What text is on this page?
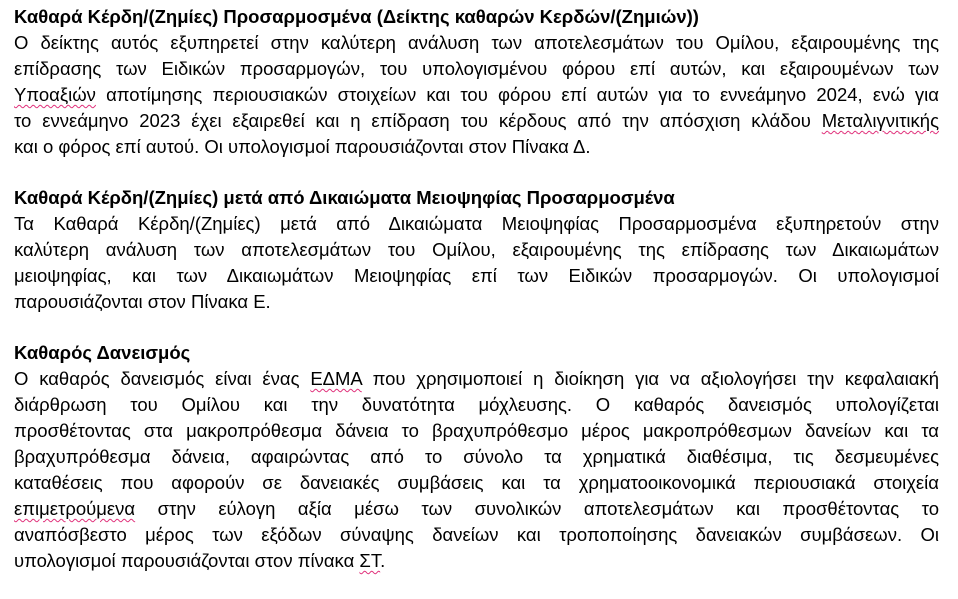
Καθαρά Κέρδη/(Ζημίες) Προσαρμοσμένα (Δείκτης καθαρών Κερδών/(Ζημιών))
Ο δείκτης αυτός εξυπηρετεί στην καλύτερη ανάλυση των αποτελεσμάτων του Ομίλου, εξαιρουμένης της
επίδρασης των Ειδικών προσαρμογών, του υπολογισμένου φόρου επί αυτών, και εξαιρουμένων των
Υποαξιών αποτίμησης περιουσιακών στοιχείων και του φόρου επί αυτών για το εννεάμηνο 2024, ενώ για
το εννεάμηνο 2023 έχει εξαιρεθεί και η επίδραση του κέρδους από την απόσχιση κλάδου Μεταλιγνιτικής
και ο φόρος επί αυτού. Οι υπολογισμοί παρουσιάζονται στον Πίνακα Δ.
Καθαρά Κέρδη/(Ζημίες) μετά από Δικαιώματα Μειοψηφίας Προσαρμοσμένα
Τα Καθαρά Κέρδη/(Ζημίες) μετά από Δικαιώματα Μειοψηφίας Προσαρμοσμένα εξυπηρετούν στην
καλύτερη ανάλυση των αποτελεσμάτων του Ομίλου, εξαιρουμένης της επίδρασης των Δικαιωμάτων
μειοψηφίας, και των Δικαιωμάτων Μειοψηφίας επί των Ειδικών προσαρμογών. Οι υπολογισμοί
παρουσιάζονται στον Πίνακα Ε.
Καθαρός Δανεισμός
Ο καθαρός δανεισμός είναι ένας ΕΔΜΑ που χρησιμοποιεί η διοίκηση για να αξιολογήσει την κεφαλαιακή
διάρθρωση του Ομίλου και την δυνατότητα μόχλευσης. Ο καθαρός δανεισμός υπολογίζεται
προσθέτοντας στα μακροπρόθεσμα δάνεια το βραχυπρόθεσμο μέρος μακροπρόθεσμων δανείων και τα
βραχυπρόθεσμα δάνεια, αφαιρώντας από το σύνολο τα χρηματικά διαθέσιμα, τις δεσμευμένες
καταθέσεις που αφορούν σε δανειακές συμβάσεις και τα χρηματοοικονομικά περιουσιακά στοιχεία
επιμετρούμενα στην εύλογη αξία μέσω των συνολικών αποτελεσμάτων και προσθέτοντας το
αναπόσβεστο μέρος των εξόδων σύναψης δανείων και τροποποίησης δανειακών συμβάσεων. Οι
υπολογισμοί παρουσιάζονται στον πίνακα ΣΤ.
